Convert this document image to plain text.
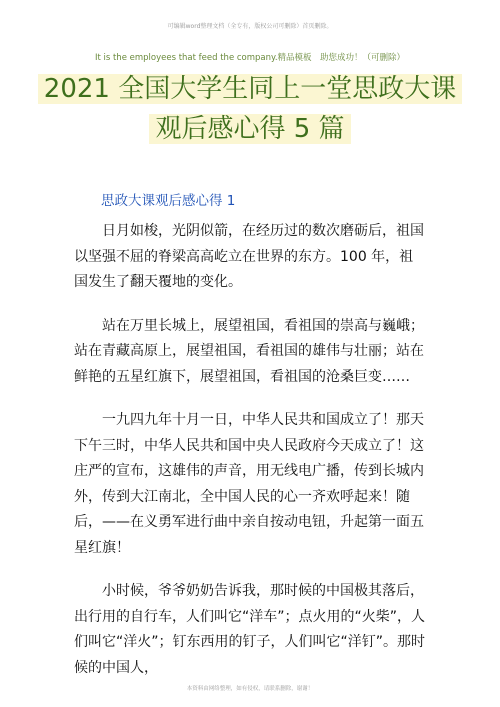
可编辑word整理文档（全专有，版权公司可删除）首页删除。
It is the employees that feed the company.精品模板　助您成功！（可删除）
2021 全国大学生同上一堂思政大课
观后感心得 5 篇
思政大课观后感心得 1

日月如梭，光阴似箭，在经历过的数次磨砺后，祖国以坚强不屈的脊梁高高屹立在世界的东方。100 年，祖国发生了翻天覆地的变化。

站在万里长城上，展望祖国，看祖国的崇高与巍峨；站在青藏高原上，展望祖国，看祖国的雄伟与壮丽；站在鲜艳的五星红旗下，展望祖国，看祖国的沧桑巨变……

一九四九年十月一日，中华人民共和国成立了！那天下午三时，中华人民共和国中央人民政府今天成立了！这庄严的宣布，这雄伟的声音，用无线电广播，传到长城内外，传到大江南北，全中国人民的心一齐欢呼起来！随后，——在义勇军进行曲中亲自按动电钮，升起第一面五星红旗！

小时候，爷爷奶奶告诉我，那时候的中国极其落后，出行用的自行车，人们叫它“洋车”；点火用的“火柴”，人们叫它“洋火”；钉东西用的钉子，人们叫它“洋钉”。那时候的中国人，

本资料由网络整理，如有侵权，请联系删除，谢谢！
